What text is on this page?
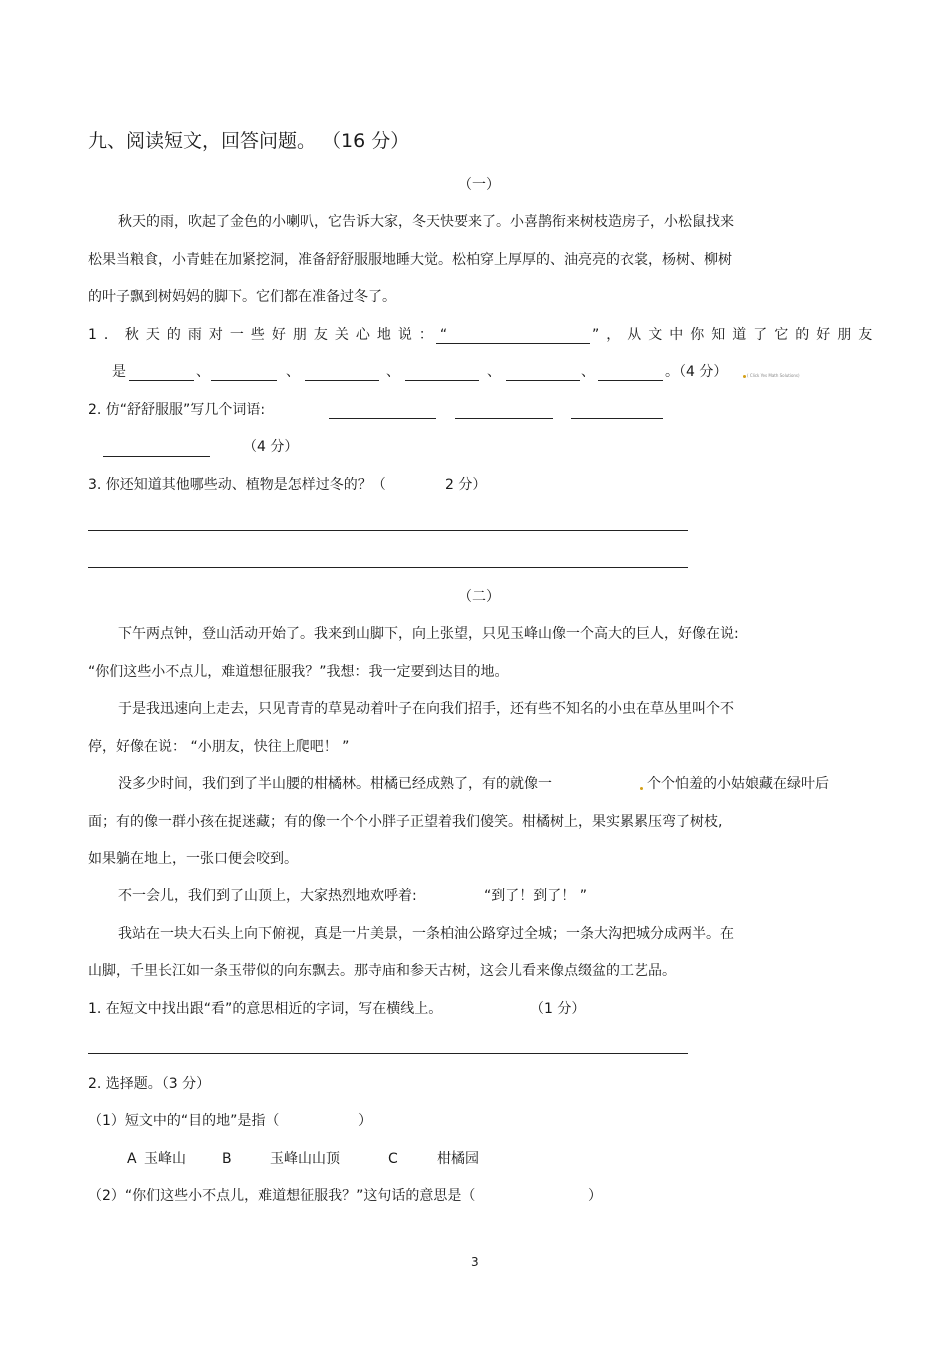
九、阅读短文，回答问题。 （16 分）
（一）
秋天的雨，吹起了金色的小喇叭，它告诉大家，冬天快要来了。小喜鹊衔来树枝造房子，小松鼠找来
松果当粮食，小青蛙在加紧挖洞，准备舒舒服服地睡大觉。松柏穿上厚厚的、油亮亮的衣裳，杨树、柳树
的叶子飘到树妈妈的脚下。它们都在准备过冬了。
1．秋天的雨对一些好朋友关心地说：“	”，从文中你知道了它的好朋友
是	、	、	、	、	、	。（4 分）	( Click Yes Math Solutions)
2. 仿“舒舒服服”写几个词语:
（4 分）
3. 你还知道其他哪些动、植物是怎样过冬的？（	2 分）
（二）
下午两点钟，登山活动开始了。我来到山脚下，向上张望，只见玉峰山像一个高大的巨人，好像在说:
“你们这些小不点儿，难道想征服我？”我想：我一定要到达目的地。
于是我迅速向上走去，只见青青的草晃动着叶子在向我们招手，还有些不知名的小虫在草丛里叫个不
停，好像在说： “小朋友，快往上爬吧！ ”
没多少时间，我们到了半山腰的柑橘林。柑橘已经成熟了，有的就像一	个个怕羞的小姑娘藏在绿叶后
面；有的像一群小孩在捉迷藏；有的像一个个小胖子正望着我们傻笑。柑橘树上，果实累累压弯了树枝,
如果躺在地上，一张口便会咬到。
不一会儿，我们到了山顶上，大家热烈地欢呼着:	“到了！到了！ ”
我站在一块大石头上向下俯视，真是一片美景，一条柏油公路穿过全城；一条大沟把城分成两半。在
山脚，千里长江如一条玉带似的向东飘去。那寺庙和参天古树，这会儿看来像点缀盆的工艺品。
1. 在短文中找出跟“看”的意思相近的字词，写在横线上。	（1 分）
2. 选择题。（3 分）
（1）短文中的“目的地”是指（	）
A 玉峰山	B	玉峰山山顶	C	柑橘园
（2）“你们这些小不点儿，难道想征服我？”这句话的意思是（	）
3
